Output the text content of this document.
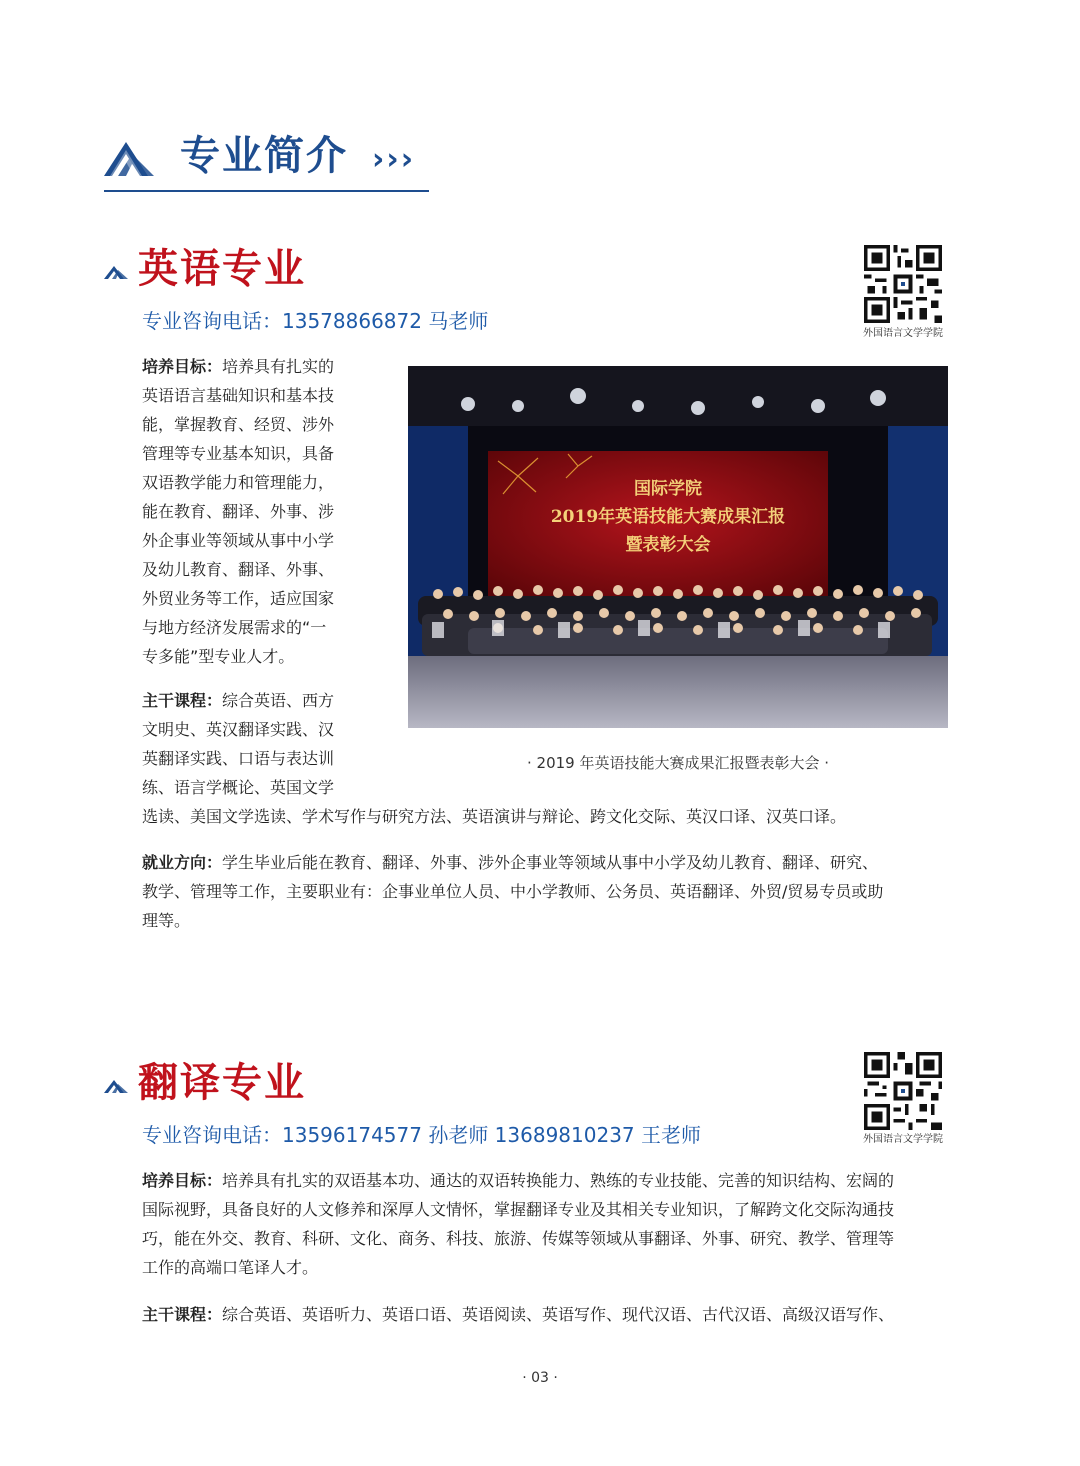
专业简介 ›››
英语专业
专业咨询电话：13578866872 马老师
外国语言文学学院

培养目标：培养具有扎实的

英语语言基础知识和基本技

能，掌握教育、经贸、涉外

管理等专业基本知识，具备

双语教学能力和管理能力，

能在教育、翻译、外事、涉

外企事业等领域从事中小学

及幼儿教育、翻译、外事、

外贸业务等工作，适应国家

与地方经济发展需求的“一

专多能”型专业人才。

主干课程：综合英语、西方

文明史、英汉翻译实践、汉

英翻译实践、口语与表达训

练、语言学概论、英国文学

选读、美国文学选读、学术写作与研究方法、英语演讲与辩论、跨文化交际、英汉口译、汉英口译。

就业方向：学生毕业后能在教育、翻译、外事、涉外企事业等领域从事中小学及幼儿教育、翻译、研究、

教学、管理等工作，主要职业有：企事业单位人员、中小学教师、公务员、英语翻译、外贸/贸易专员或助

理等。

国际学院
2019年英语技能大赛成果汇报
暨表彰大会
· 2019 年英语技能大赛成果汇报暨表彰大会 ·
翻译专业
专业咨询电话：13596174577 孙老师 13689810237 王老师	外国语言文学学院

培养目标：培养具有扎实的双语基本功、通达的双语转换能力、熟练的专业技能、完善的知识结构、宏阔的

国际视野，具备良好的人文修养和深厚人文情怀，掌握翻译专业及其相关专业知识，了解跨文化交际沟通技

巧，能在外交、教育、科研、文化、商务、科技、旅游、传媒等领域从事翻译、外事、研究、教学、管理等

工作的高端口笔译人才。

主干课程：综合英语、英语听力、英语口语、英语阅读、英语写作、现代汉语、古代汉语、高级汉语写作、

· 03 ·
